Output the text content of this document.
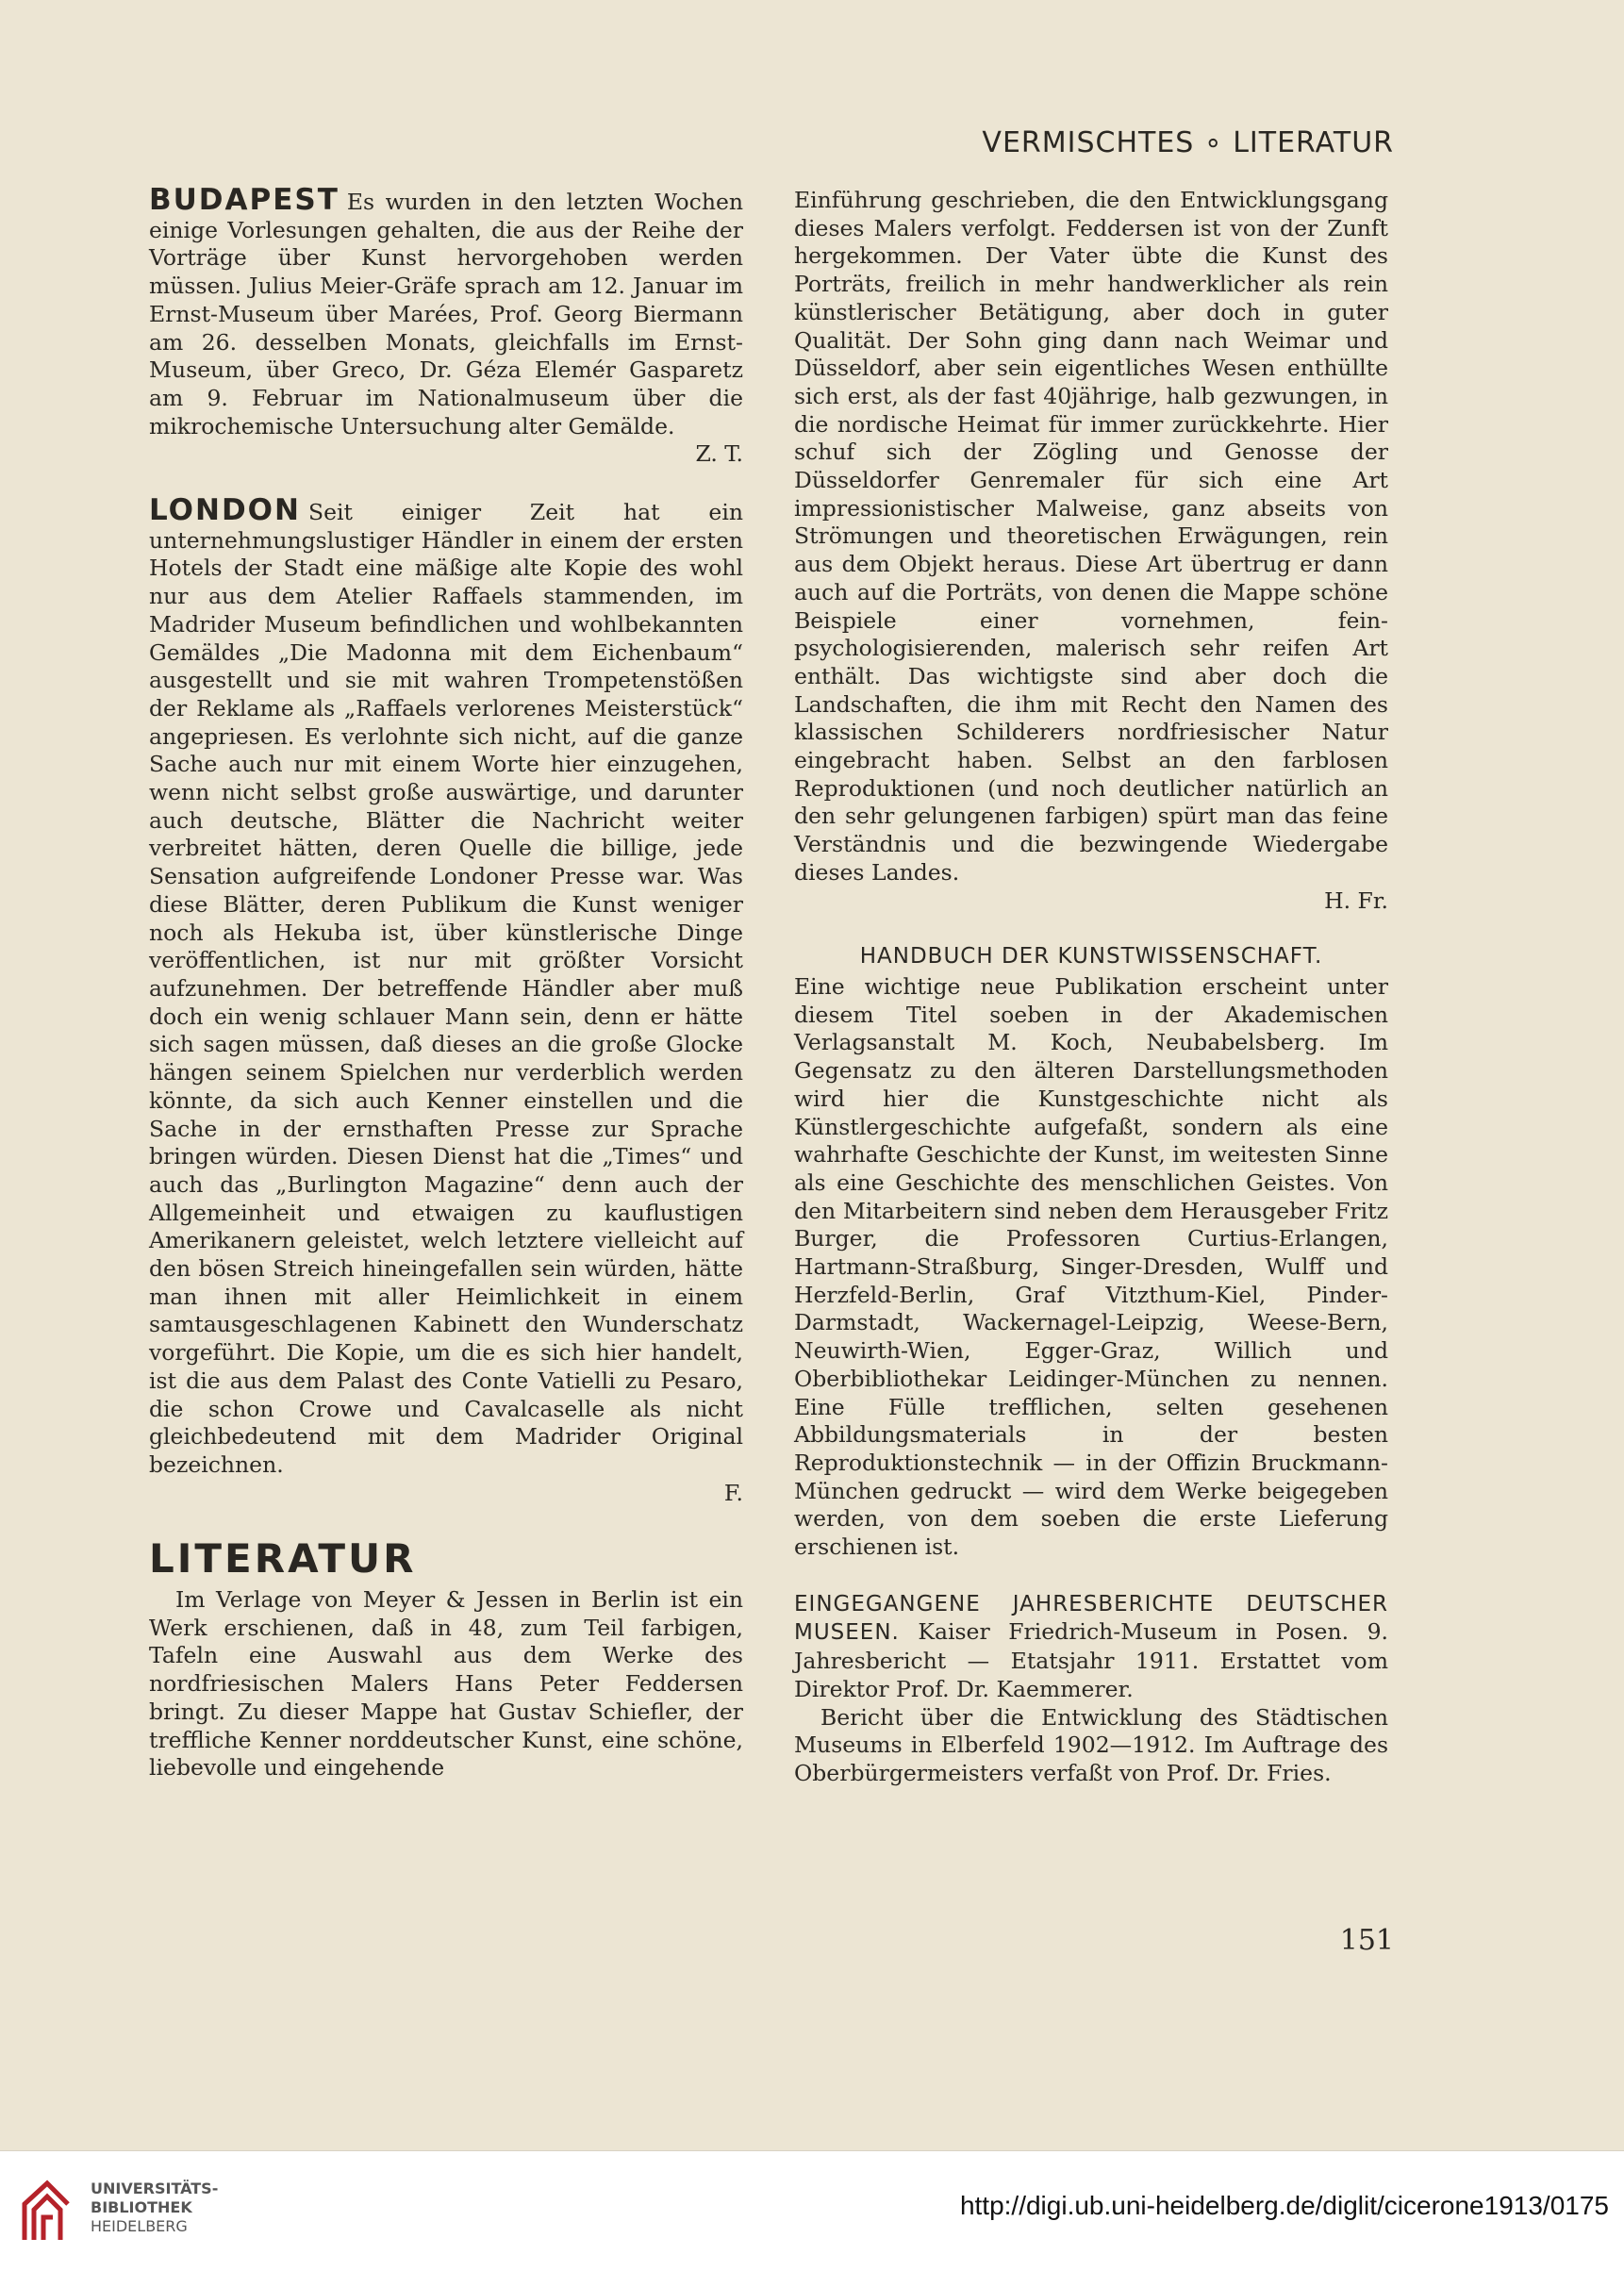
VERMISCHTES ∘ LITERATUR

BUDAPEST Es wurden in den letzten Wochen einige Vorlesungen gehalten, die aus der Reihe der Vorträge über Kunst hervorgehoben werden müssen. Julius Meier-Gräfe sprach am 12. Januar im Ernst-Museum über Marées, Prof. Georg Biermann am 26. desselben Monats, gleichfalls im Ernst-Museum, über Greco, Dr. Géza Elemér Gasparetz am 9. Februar im Nationalmuseum über die mikrochemische Untersuchung alter Gemälde.

Z. T.

LONDON Seit einiger Zeit hat ein unternehmungslustiger Händler in einem der ersten Hotels der Stadt eine mäßige alte Kopie des wohl nur aus dem Atelier Raffaels stammenden, im Madrider Museum befindlichen und wohlbekannten Gemäldes „Die Madonna mit dem Eichenbaum“ ausgestellt und sie mit wahren Trompetenstößen der Reklame als „Raffaels verlorenes Meisterstück“ angepriesen. Es verlohnte sich nicht, auf die ganze Sache auch nur mit einem Worte hier einzugehen, wenn nicht selbst große auswärtige, und darunter auch deutsche, Blätter die Nachricht weiter verbreitet hätten, deren Quelle die billige, jede Sensation aufgreifende Londoner Presse war. Was diese Blätter, deren Publikum die Kunst weniger noch als Hekuba ist, über künstlerische Dinge veröffentlichen, ist nur mit größter Vorsicht aufzunehmen. Der betreffende Händler aber muß doch ein wenig schlauer Mann sein, denn er hätte sich sagen müssen, daß dieses an die große Glocke hängen seinem Spielchen nur verderblich werden könnte, da sich auch Kenner einstellen und die Sache in der ernsthaften Presse zur Sprache bringen würden. Diesen Dienst hat die „Times“ und auch das „Burlington Magazine“ denn auch der Allgemeinheit und etwaigen zu kauflustigen Amerikanern geleistet, welch letztere vielleicht auf den bösen Streich hineingefallen sein würden, hätte man ihnen mit aller Heimlichkeit in einem samtausgeschlagenen Kabinett den Wunderschatz vorgeführt. Die Kopie, um die es sich hier handelt, ist die aus dem Palast des Conte Vatielli zu Pesaro, die schon Crowe und Cavalcaselle als nicht gleichbedeutend mit dem Madrider Original bezeichnen.

F.

LITERATUR

Im Verlage von Meyer & Jessen in Berlin ist ein Werk erschienen, daß in 48, zum Teil farbigen, Tafeln eine Auswahl aus dem Werke des nordfriesischen Malers Hans Peter Feddersen bringt. Zu dieser Mappe hat Gustav Schiefler, der treffliche Kenner norddeutscher Kunst, eine schöne, liebevolle und eingehende

Einführung geschrieben, die den Entwicklungsgang dieses Malers verfolgt. Feddersen ist von der Zunft hergekommen. Der Vater übte die Kunst des Porträts, freilich in mehr handwerklicher als rein künstlerischer Betätigung, aber doch in guter Qualität. Der Sohn ging dann nach Weimar und Düsseldorf, aber sein eigentliches Wesen enthüllte sich erst, als der fast 40jährige, halb gezwungen, in die nordische Heimat für immer zurückkehrte. Hier schuf sich der Zögling und Genosse der Düsseldorfer Genremaler für sich eine Art impressionistischer Malweise, ganz abseits von Strömungen und theoretischen Erwägungen, rein aus dem Objekt heraus. Diese Art übertrug er dann auch auf die Porträts, von denen die Mappe schöne Beispiele einer vornehmen, fein-psychologisierenden, malerisch sehr reifen Art enthält. Das wichtigste sind aber doch die Landschaften, die ihm mit Recht den Namen des klassischen Schilderers nordfriesischer Natur eingebracht haben. Selbst an den farblosen Reproduktionen (und noch deutlicher natürlich an den sehr gelungenen farbigen) spürt man das feine Verständnis und die bezwingende Wiedergabe dieses Landes.

H. Fr.

HANDBUCH DER KUNSTWISSENSCHAFT.

Eine wichtige neue Publikation erscheint unter diesem Titel soeben in der Akademischen Verlagsanstalt M. Koch, Neubabelsberg. Im Gegensatz zu den älteren Darstellungsmethoden wird hier die Kunstgeschichte nicht als Künstlergeschichte aufgefaßt, sondern als eine wahrhafte Geschichte der Kunst, im weitesten Sinne als eine Geschichte des menschlichen Geistes. Von den Mitarbeitern sind neben dem Herausgeber Fritz Burger, die Professoren Curtius-Erlangen, Hartmann-Straßburg, Singer-Dresden, Wulff und Herzfeld-Berlin, Graf Vitzthum-Kiel, Pinder-Darmstadt, Wackernagel-Leipzig, Weese-Bern, Neuwirth-Wien, Egger-Graz, Willich und Oberbibliothekar Leidinger-München zu nennen. Eine Fülle trefflichen, selten gesehenen Abbildungsmaterials in der besten Reproduktionstechnik — in der Offizin Bruckmann-München gedruckt — wird dem Werke beigegeben werden, von dem soeben die erste Lieferung erschienen ist.

EINGEGANGENE JAHRESBERICHTE DEUTSCHER MUSEEN. Kaiser Friedrich-Museum in Posen. 9. Jahresbericht — Etatsjahr 1911. Erstattet vom Direktor Prof. Dr. Kaemmerer.

Bericht über die Entwicklung des Städtischen Museums in Elberfeld 1902—1912. Im Auftrage des Oberbürgermeisters verfaßt von Prof. Dr. Fries.

151
UNIVERSITÄTS-
BIBLIOTHEK
HEIDELBERG
http://digi.ub.uni-heidelberg.de/diglit/cicerone1913/0175
